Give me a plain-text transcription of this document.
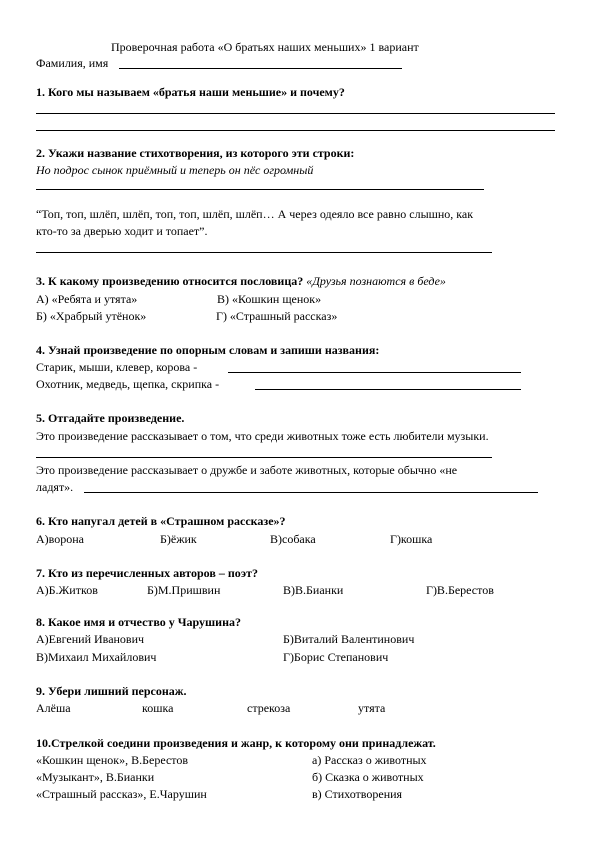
Проверочная работа «О братьях наших меньших» 1 вариант
Фамилия, имя
1. Кого мы называем «братья наши меньшие» и почему?
2. Укажи название стихотворения, из которого эти строки:
Но подрос сынок приёмный и теперь он пёс огромный
“Топ, топ, шлёп, шлёп, топ, топ, шлёп, шлёп… А через одеяло все равно слышно, как
кто-то за дверью ходит и топает”.
3. К какому произведению относится пословица? «Друзья познаются в беде»
А) «Ребята и утята»	В) «Кошкин щенок»
Б) «Храбрый утёнок»	Г) «Страшный рассказ»
4. Узнай произведение по опорным словам и запиши названия:
Старик, мыши, клевер, корова -
Охотник, медведь, щепка, скрипка -
5. Отгадайте произведение.
Это произведение рассказывает о том, что среди животных тоже есть любители музыки.
Это произведение рассказывает о дружбе и заботе животных, которые обычно «не
ладят».
6. Кто напугал детей в «Страшном рассказе»?
А)ворона	Б)ёжик	В)собака	Г)кошка
7. Кто из перечисленных авторов – поэт?
А)Б.Житков	Б)М.Пришвин	В)В.Бианки	Г)В.Берестов
8. Какое имя и отчество у Чарушина?
А)Евгений Иванович	Б)Виталий Валентинович
В)Михаил Михайлович	Г)Борис Степанович
9. Убери лишний персонаж.
Алёша	кошка	стрекоза	утята
10.Стрелкой соедини произведения и жанр, к которому они принадлежат.
«Кошкин щенок», В.Берестов
«Музыкант», В.Бианки
«Страшный рассказ», Е.Чарушин
а) Рассказ о животных
б) Сказка о животных
в) Стихотворения
